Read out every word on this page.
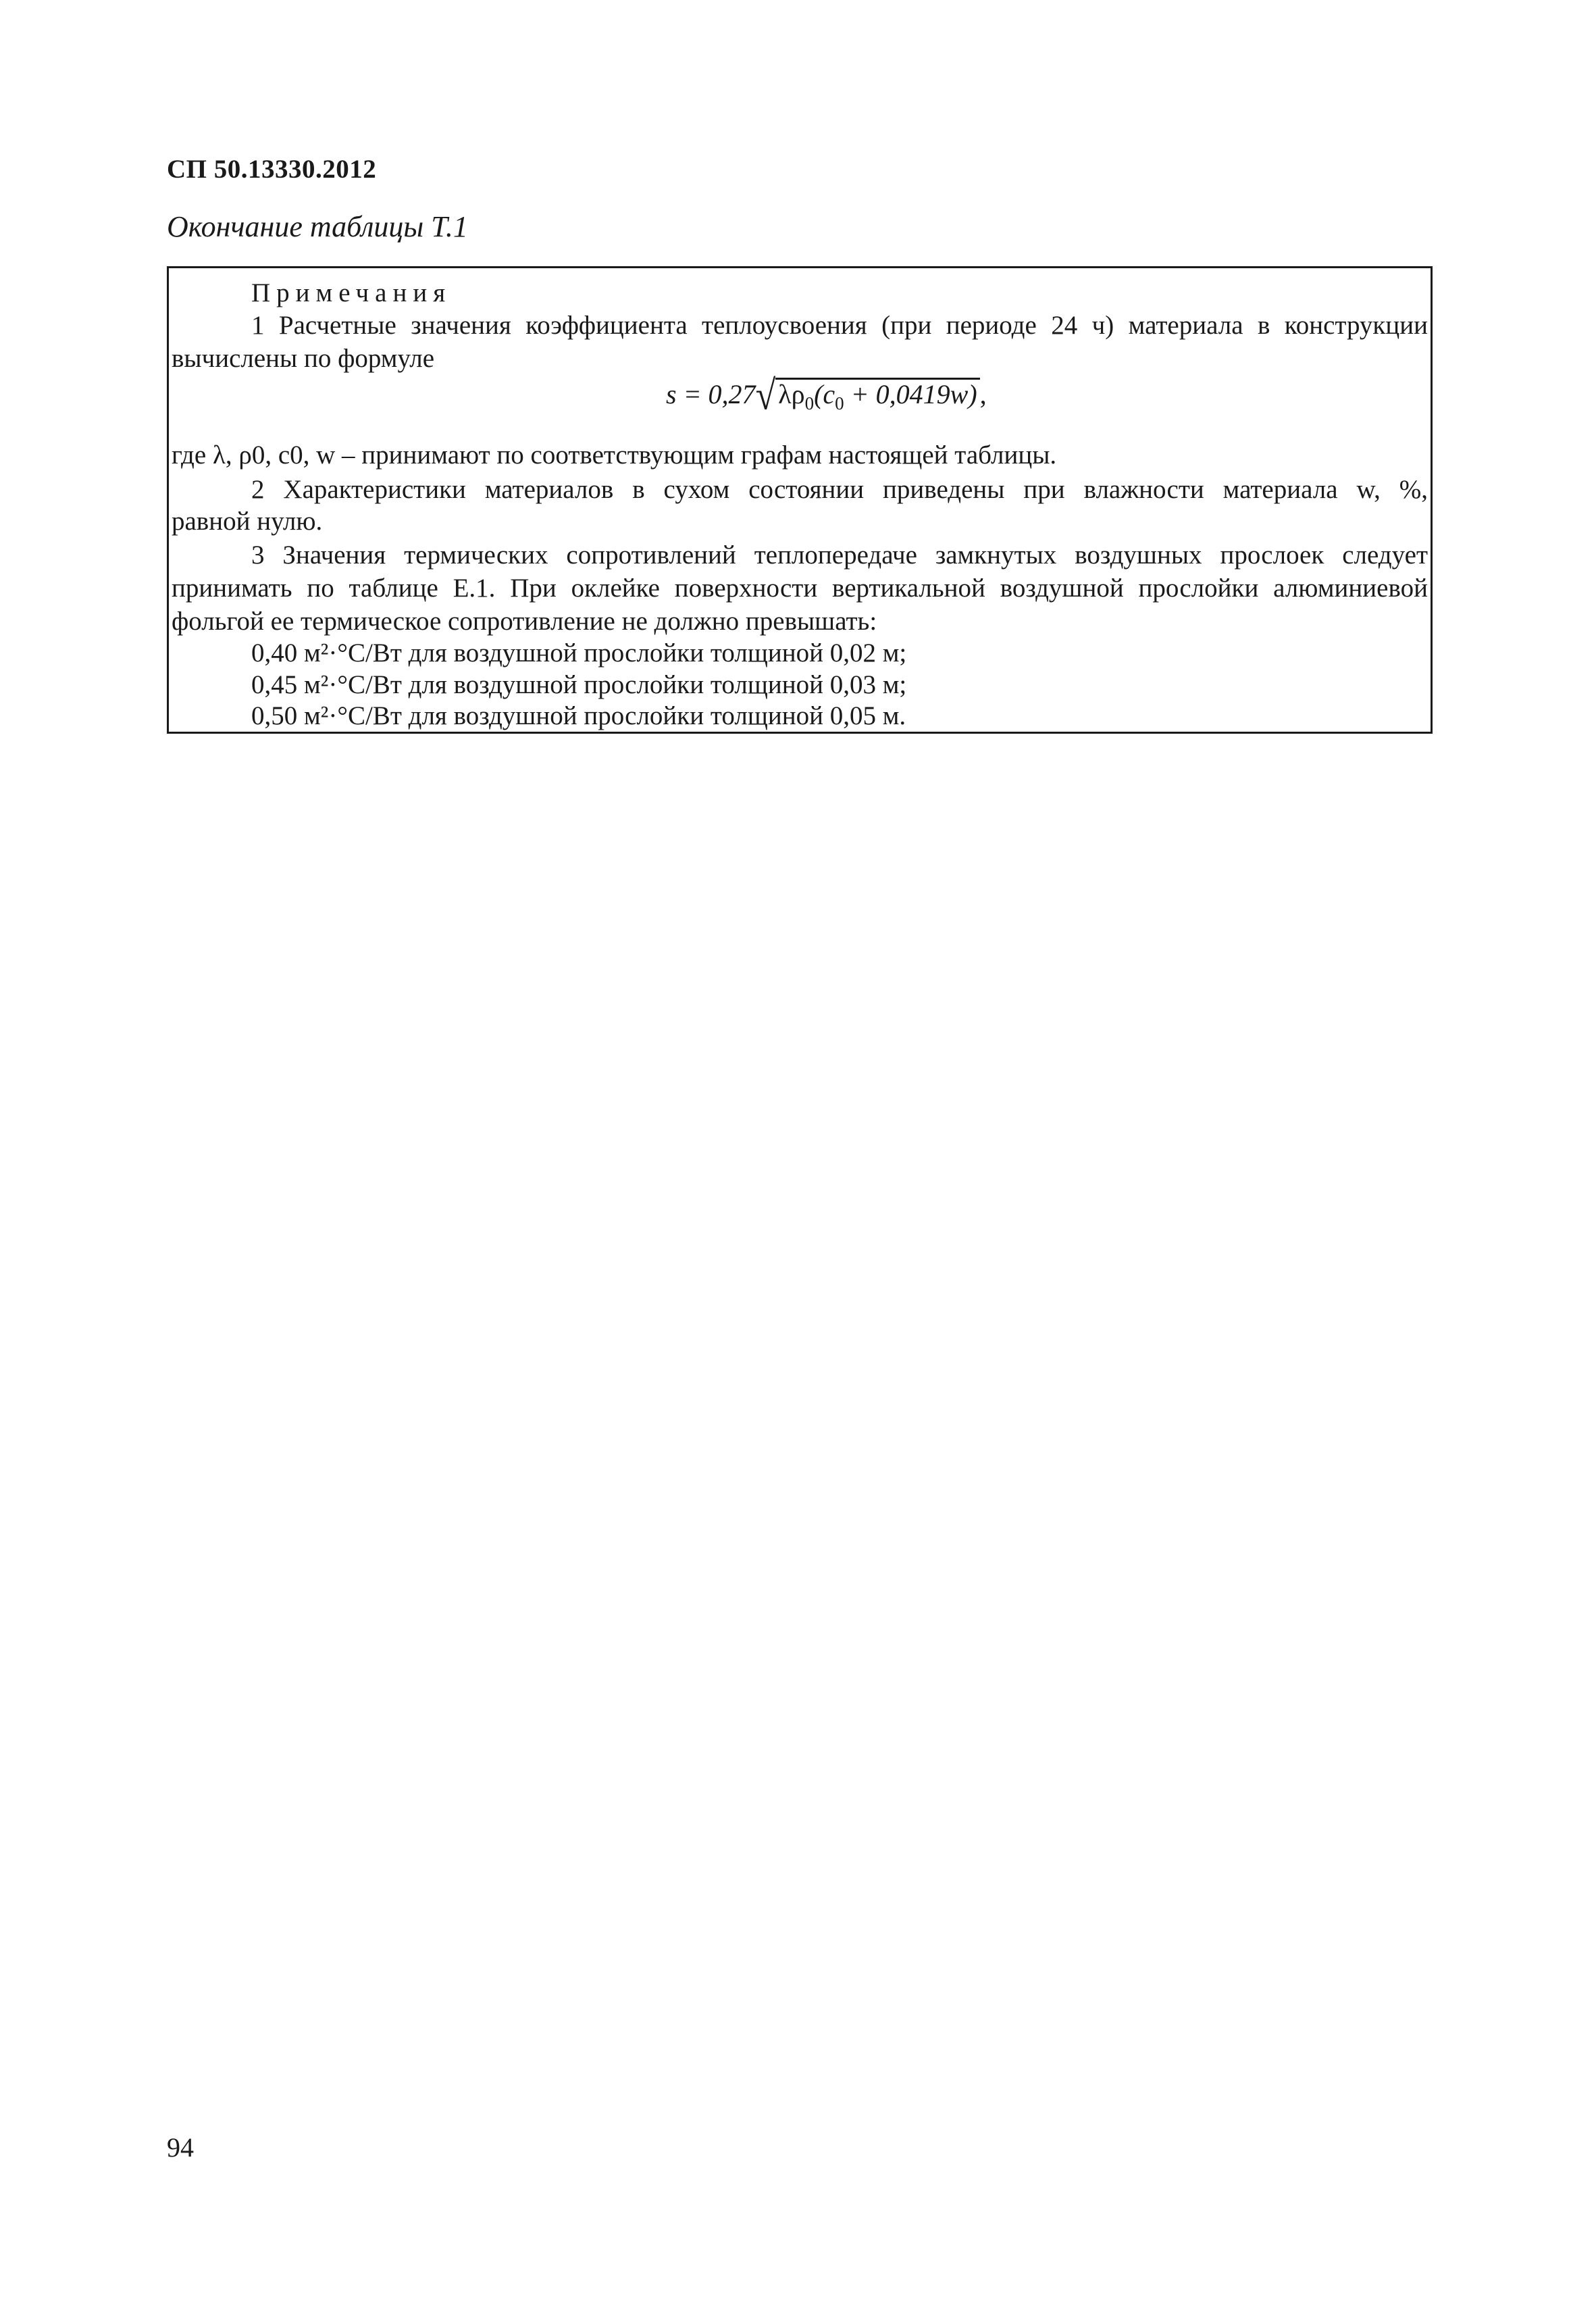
СП 50.13330.2012
Окончание таблицы Т.1
Примечания
1 Расчетные значения коэффициента теплоусвоения (при периоде 24 ч) материала в конструкции
вычислены по формуле
s = 0,27√ $\lambda\rho_0(c_0 + 0,0419w)$ ,
где λ, ρ0, c0, w – принимают по соответствующим графам настоящей таблицы.
2 Характеристики материалов в сухом состоянии приведены при влажности материала w, %,
равной нулю.
3 Значения термических сопротивлений теплопередаче замкнутых воздушных прослоек следует
принимать по таблице Е.1. При оклейке поверхности вертикальной воздушной прослойки алюминиевой
фольгой ее термическое сопротивление не должно превышать:
0,40 м²·°С/Вт для воздушной прослойки толщиной 0,02 м;
0,45 м²·°С/Вт для воздушной прослойки толщиной 0,03 м;
0,50 м²·°С/Вт для воздушной прослойки толщиной 0,05 м.
94
